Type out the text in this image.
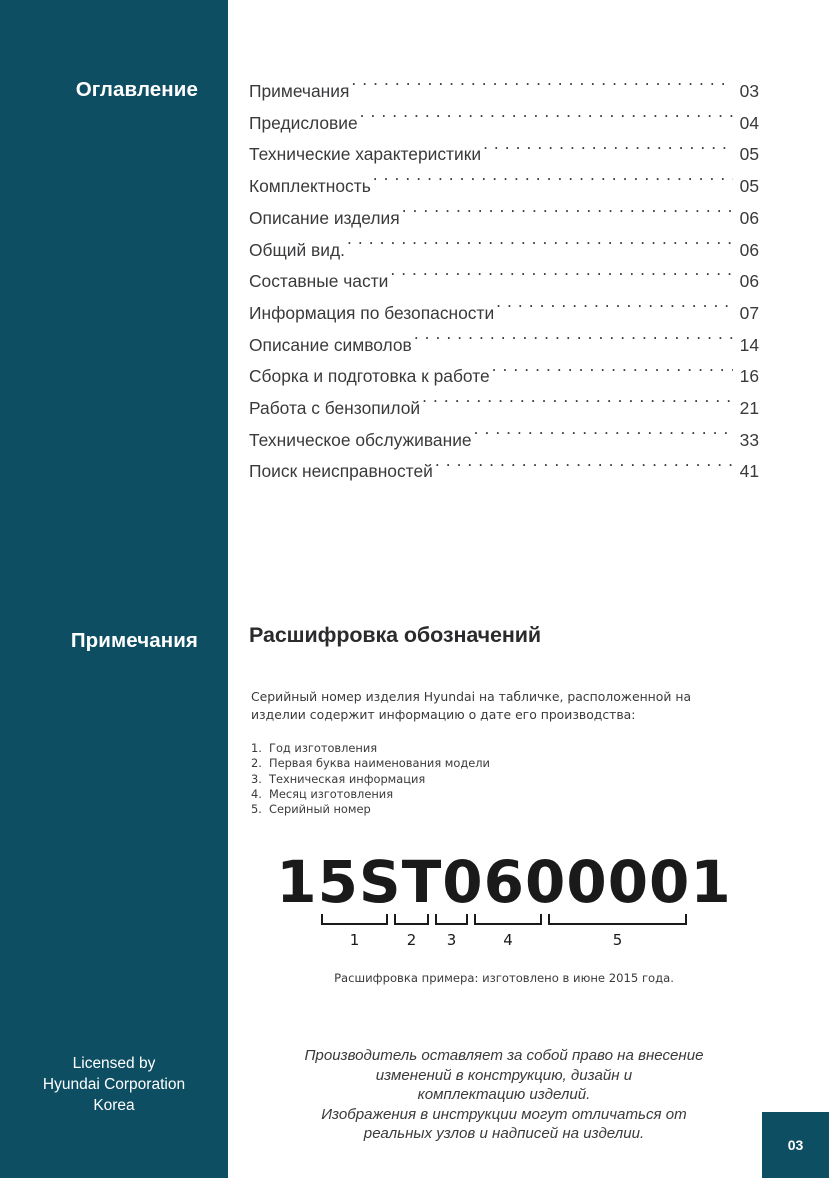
Оглавление
Примечания
Licensed by
Hyundai Corporation
Korea
03
Примечания . . .	03
Предисловие . . .	04
Технические характеристики . . .	05
Комплектность . . .	05
Описание изделия . . .	06
Общий вид. . . .	06
Составные части . . .	06
Информация по безопасности . . .	07
Описание символов . . .	14
Сборка и подготовка к работе . . .	16
Работа с бензопилой . . .	21
Техническое обслуживание . . .	33
Поиск неисправностей . . .	41
Расшифровка обозначений
Серийный номер изделия Hyundai на табличке, расположенной на изделии содержит информацию о дате его производства:
1. Год изготовления
2. Первая буква наименования модели
3. Техническая информация
4. Месяц изготовления
5. Серийный номер
15ST0600001
1	2 3	4	5
Расшифровка примера: изготовлено в июне 2015 года.
Производитель оставляет за собой право на внесение
изменений в конструкцию, дизайн и
комплектацию изделий.
Изображения в инструкции могут отличаться от
реальных узлов и надписей на изделии.
